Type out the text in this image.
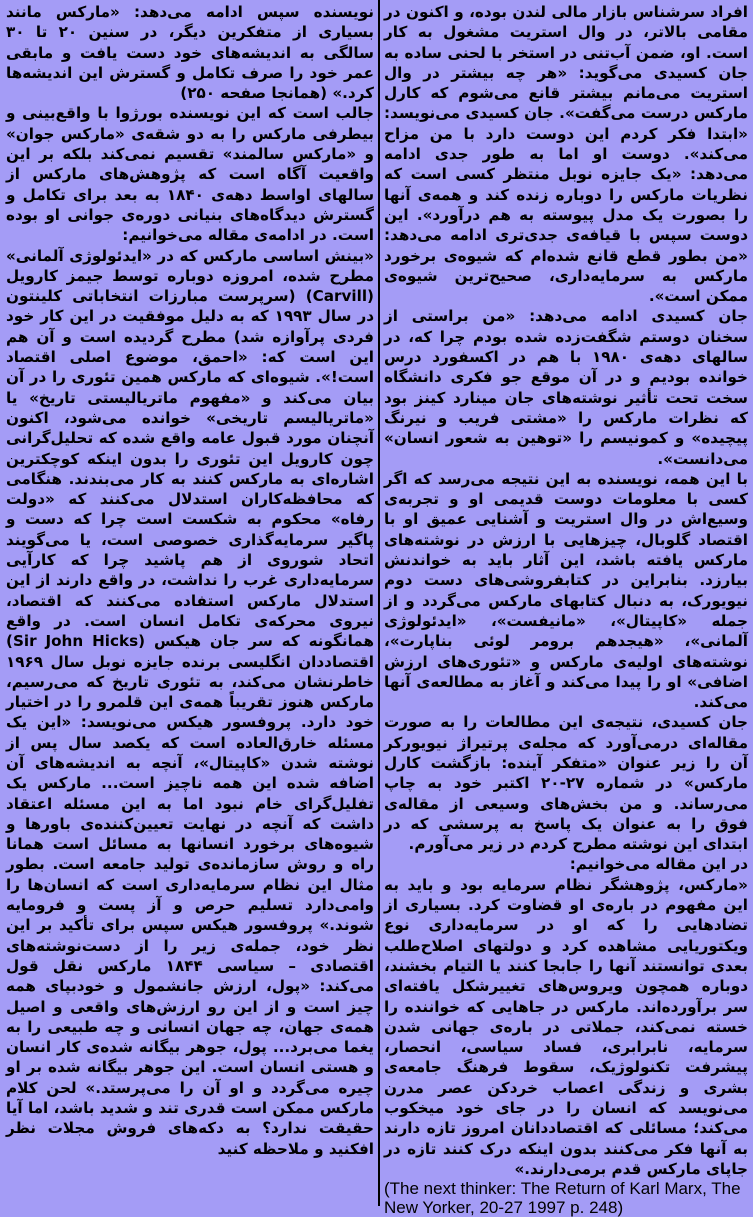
افراد سرشناس بازار مالی لندن بوده، و اکنون در مقامی بالاتر، در وال استریت مشغول به کار است. او، ضمن آب‌تنی در استخر با لحنی ساده به جان کسیدی می‌گوید: «هر چه بیشتر در وال استریت می‌مانم بیشتر قانع می‌شوم که کارل مارکس درست می‌گفت». جان کسیدی می‌نویسد: «ابتدا فکر کردم این دوست دارد با من مزاح می‌کند». دوست او اما به طور جدی ادامه می‌دهد: «یک جایزه نوبل منتظر کسی است که نظریات مارکس را دوباره زنده کند و همه‌ی آنها را بصورت یک مدل پیوسته به هم درآورد». این دوست سپس با قیافه‌ی جدی‌تری ادامه می‌دهد: «من بطور قطع قانع شده‌ام که شیوه‌ی برخورد مارکس به سرمایه‌داری، صحیح‌ترین شیوه‌ی ممکن است».

جان کسیدی ادامه می‌دهد: «من براستی از سخنان دوستم شگفت‌زده شده بودم چرا که، در سالهای دهه‌ی ۱۹۸۰ با هم در اکسفورد درس خوانده بودیم و در آن موقع جو فکری دانشگاه سخت تحت تأثیر نوشته‌های جان مینارد کینز بود که نظرات مارکس را «مشتی فریب و نیرنگ پیچیده» و کمونیسم را «توهین به شعور انسان» می‌دانست».

با این همه، نویسنده به این نتیجه می‌رسد که اگر کسی با معلومات دوست قدیمی او و تجربه‌ی وسیع‌اش در وال استریت و آشنایی عمیق او با اقتصاد گلوبال، چیزهایی با ارزش در نوشته‌های مارکس یافته باشد، این آثار باید به خواندنش بیارزد. بنابراین در کتابفروشی‌های دست دوم نیویورک، به دنبال کتابهای مارکس می‌گردد و از جمله «کاپیتال»، «مانیفست»، «ایدئولوژی آلمانی»، «هیجدهم برومر لوئی بناپارت»، نوشته‌های اولیه‌ی مارکس و «تئوری‌های ارزش اضافی» او را پیدا می‌کند و آغاز به مطالعه‌ی آنها می‌کند.

جان کسیدی، نتیجه‌ی این مطالعات را به صورت مقاله‌ای درمی‌آورد که مجله‌ی پرتیراژ نیویورکر آن را زیر عنوان «متفکر آینده: بازگشت کارل مارکس» در شماره ۲۷-۲۰ اکتبر خود به چاپ می‌رساند. و من بخش‌های وسیعی از مقاله‌ی فوق را به عنوان یک پاسخ به پرسشی که در ابتدای این نوشته مطرح کردم در زیر می‌آورم.

در این مقاله می‌خوانیم:

«مارکس، پژوهشگر نظام سرمایه بود و باید به این مفهوم در باره‌ی او قضاوت کرد. بسیاری از تضادهایی را که او در سرمایه‌داری نوع ویکتوریایی مشاهده کرد و دولتهای اصلاح‌طلب بعدی توانستند آنها را جابجا کنند یا التیام بخشند، دوباره همچون ویروس‌های تغییرشکل یافته‌ای سر برآورده‌اند. مارکس در جاهایی که خواننده را خسته نمی‌کند، جملاتی در باره‌ی جهانی شدن سرمایه، نابرابری، فساد سیاسی، انحصار، پیشرفت تکنولوژیک، سقوط فرهنگ جامعه‌ی بشری و زندگی اعصاب خردکن عصر مدرن می‌نویسد که انسان را در جای خود میخکوب می‌کند؛ مسائلی که اقتصاددانان امروز تازه دارند به آنها فکر می‌کنند بدون اینکه درک کنند تازه در جاپای مارکس قدم برمی‌دارند.»

(The next thinker: The Return of Karl Marx, The New Yorker, 20-27 1997 p. 248)

نویسنده سپس ادامه می‌دهد: «مارکس مانند بسیاری از متفکرین دیگر، در سنین ۲۰ تا ۳۰ سالگی به اندیشه‌های خود دست یافت و مابقی عمر خود را صرف تکامل و گسترش این اندیشه‌ها کرد.» (همانجا صفحه ۲۵۰)

جالب است که این نویسنده بورژوا با واقع‌بینی و بیطرفی مارکس را به دو شقه‌ی «مارکس جوان» و «مارکس سالمند» تقسیم نمی‌کند بلکه بر این واقعیت آگاه است که پژوهش‌های مارکس از سالهای اواسط دهه‌ی ۱۸۴۰ به بعد برای تکامل و گسترش دیدگاه‌های بنیانی دوره‌ی جوانی او بوده است. در ادامه‌ی مقاله می‌خوانیم:

«بینش اساسی مارکس که در «ایدئولوژی آلمانی» مطرح شده، امروزه دوباره توسط جیمز کارویل (Carvill) (سرپرست مبارزات انتخاباتی کلینتون در سال ۱۹۹۳ که به دلیل موفقیت در این کار خود فردی پرآوازه شد) مطرح گردیده است و آن هم این است که: «احمق، موضوع اصلی اقتصاد است!». شیوه‌ای که مارکس همین تئوری را در آن بیان می‌کند و «مفهوم ماتریالیستی تاریخ» یا «ماتریالیسم تاریخی» خوانده می‌شود، اکنون آنچنان مورد قبول عامه واقع شده که تحلیل‌گرانی چون کارویل این تئوری را بدون اینکه کوچکترین اشاره‌ای به مارکس کنند به کار می‌بندند. هنگامی که محافظه‌کاران استدلال می‌کنند که «دولت رفاه» محکوم به شکست است چرا که دست و پاگیر سرمایه‌گذاری خصوصی است، یا می‌گویند اتحاد شوروی از هم پاشید چرا که کارآیی سرمایه‌داری غرب را نداشت، در واقع دارند از این استدلال مارکس استفاده می‌کنند که اقتصاد، نیروی محرکه‌ی تکامل انسان است. در واقع همانگونه که سر جان هیکس (Sir John Hicks) اقتصاددان انگلیسی برنده جایزه نوبل سال ۱۹۶۹ خاطرنشان می‌کند، به تئوری تاریخ که می‌رسیم، مارکس هنوز تقریباً همه‌ی این قلمرو را در اختیار خود دارد. پروفسور هیکس می‌نویسد: «این یک مسئله خارق‌العاده است که یکصد سال پس از نوشته شدن «کاپیتال»، آنچه به اندیشه‌های آن اضافه شده این همه ناچیز است... مارکس یک تفلیل‌گرای خام نبود اما به این مسئله اعتقاد داشت که آنچه در نهایت تعیین‌کننده‌ی باورها و شیوه‌های برخورد انسانها به مسائل است همانا راه و روش سازمانده‌ی تولید جامعه است. بطور مثال این نظام سرمایه‌داری است که انسان‌ها را وامی‌دارد تسلیم حرص و آز پست و فرومایه شوند.» پروفسور هیکس سپس برای تأکید بر این نظر خود، جمله‌ی زیر را از دست‌نوشته‌های اقتصادی – سیاسی ۱۸۴۴ مارکس نقل قول می‌کند: «پول، ارزش جانشمول و خودبپای همه چیز است و از این رو ارزش‌های واقعی و اصیل همه‌ی جهان، چه جهان انسانی و چه طبیعی را به یغما می‌برد... پول، جوهر بیگانه شده‌ی کار انسان و هستی انسان است. این جوهر بیگانه شده بر او چیره می‌گردد و او آن را می‌پرستد.» لحن کلام مارکس ممکن است قدری تند و شدید باشد، اما آیا حقیقت ندارد؟ به دکه‌های فروش مجلات نظر افکنید و ملاحظه کنید
